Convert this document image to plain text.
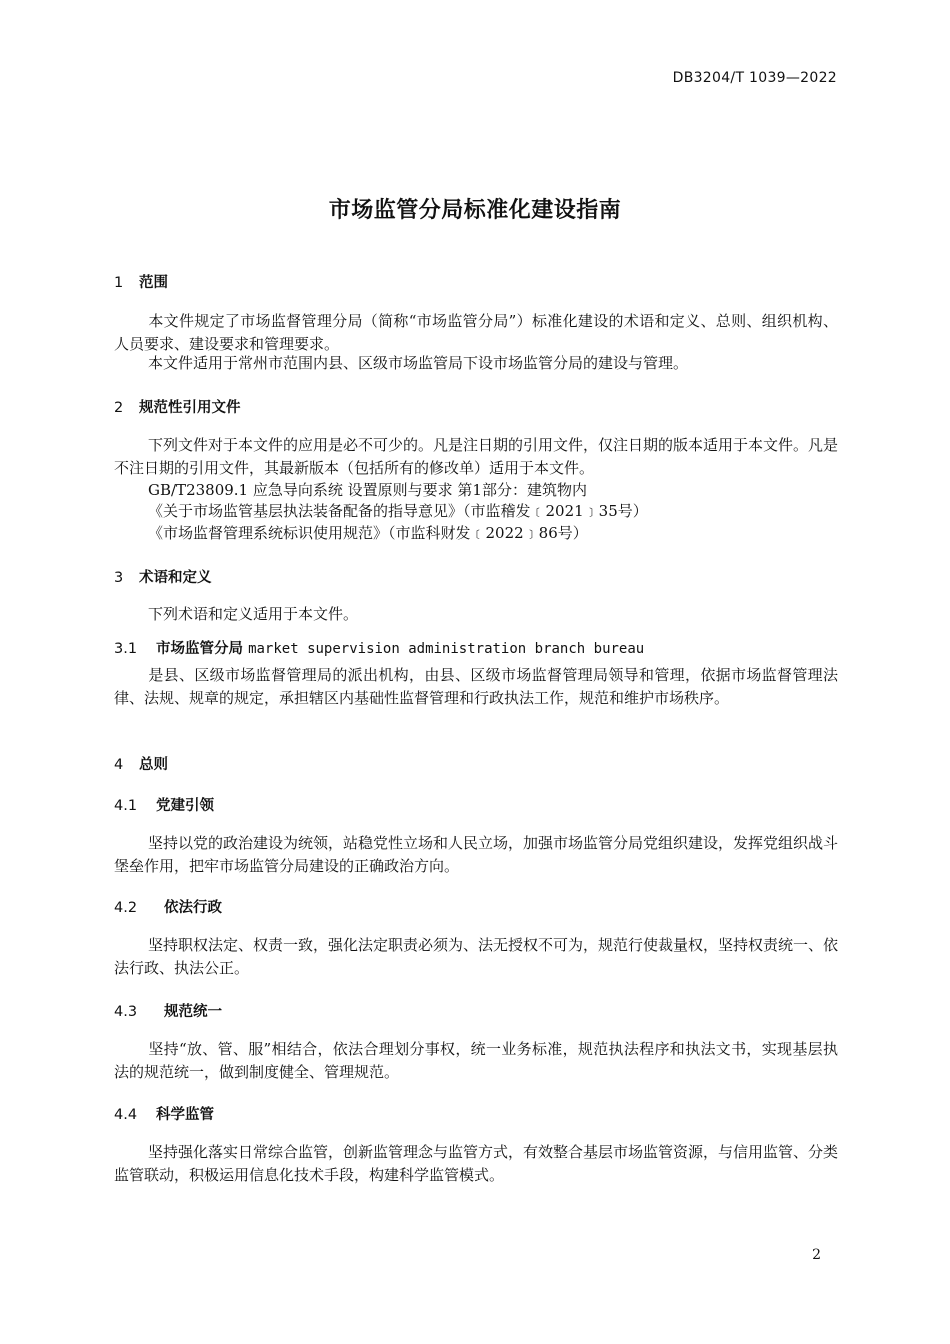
DB3204/T 1039—2022
市场监管分局标准化建设指南
1 范围
本文件规定了市场监督管理分局（简称“市场监管分局”）标准化建设的术语和定义、总则、组织机构、人员要求、建设要求和管理要求。
本文件适用于常州市范围内县、区级市场监管局下设市场监管分局的建设与管理。
2 规范性引用文件
下列文件对于本文件的应用是必不可少的。凡是注日期的引用文件，仅注日期的版本适用于本文件。凡是不注日期的引用文件，其最新版本（包括所有的修改单）适用于本文件。
GB/T23809.1 应急导向系统 设置原则与要求 第1部分：建筑物内
《关于市场监管基层执法装备配备的指导意见》（市监稽发﹝2021﹞35号）
《市场监督管理系统标识使用规范》（市监科财发﹝2022﹞86号）
3 术语和定义
下列术语和定义适用于本文件。
3.1 市场监管分局 market supervision administration branch bureau
是县、区级市场监督管理局的派出机构，由县、区级市场监督管理局领导和管理，依据市场监督管理法律、法规、规章的规定，承担辖区内基础性监督管理和行政执法工作，规范和维护市场秩序。
4 总则
4.1 党建引领
坚持以党的政治建设为统领，站稳党性立场和人民立场，加强市场监管分局党组织建设，发挥党组织战斗堡垒作用，把牢市场监管分局建设的正确政治方向。
4.2 依法行政
坚持职权法定、权责一致，强化法定职责必须为、法无授权不可为，规范行使裁量权，坚持权责统一、依法行政、执法公正。
4.3 规范统一
坚持“放、管、服”相结合，依法合理划分事权，统一业务标准，规范执法程序和执法文书，实现基层执法的规范统一，做到制度健全、管理规范。
4.4 科学监管
坚持强化落实日常综合监管，创新监管理念与监管方式，有效整合基层市场监管资源，与信用监管、分类监管联动，积极运用信息化技术手段，构建科学监管模式。
2
